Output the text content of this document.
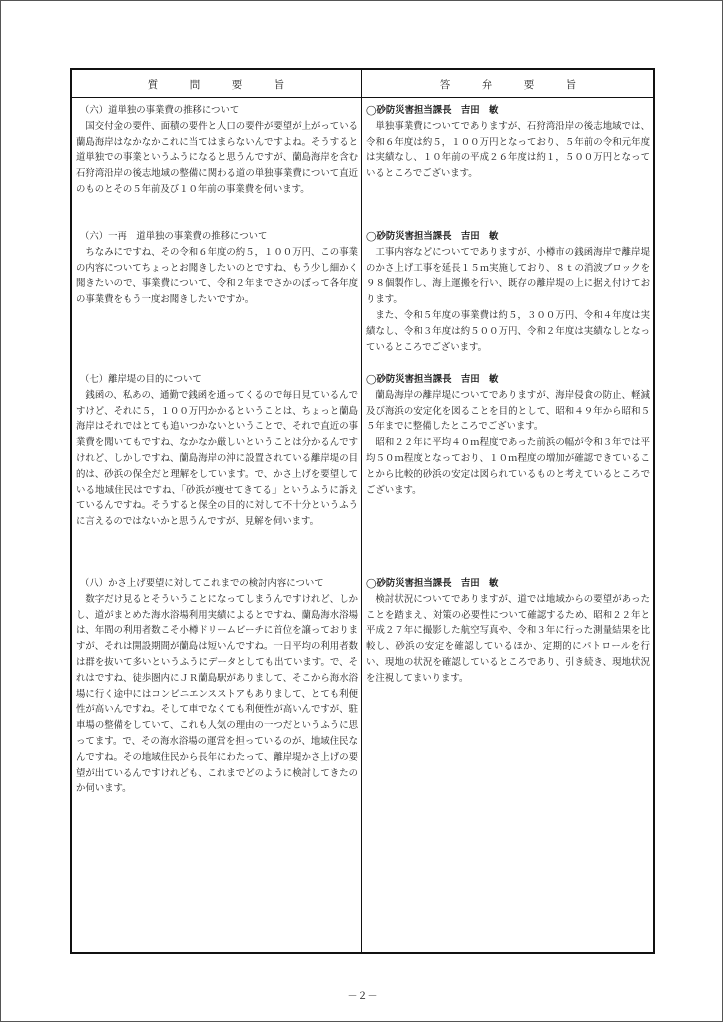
質　　　問　　　要　　　旨	答　　　弁　　　要　　　旨

（六）道単独の事業費の推移について

国交付金の要件、面積の要件と人口の要件が要望が上がっている蘭島海岸はなかなかこれに当てはまらないんですよね。そうすると道単独での事業というふうになると思うんですが、蘭島海岸を含む石狩湾沿岸の後志地域の整備に関わる道の単独事業費について直近のものとその５年前及び１０年前の事業費を伺います。

◯砂防災害担当課長　吉田　敏

単独事業費についてでありますが、石狩湾沿岸の後志地域では、令和６年度は約５，１００万円となっており、５年前の令和元年度は実績なし、１０年前の平成２６年度は約１，５００万円となっているところでございます。

（六）一再　道単独の事業費の推移について

ちなみにですね、その令和６年度の約５，１００万円、この事業の内容についてちょっとお聞きしたいのとですね、もう少し細かく聞きたいので、事業費について、令和２年までさかのぼって各年度の事業費をもう一度お聞きしたいですか。

◯砂防災害担当課長　吉田　敏

工事内容などについてでありますが、小樽市の銭函海岸で離岸堤のかさ上げ工事を延長１５ｍ実施しており、８ｔの消波ブロックを９８個製作し、海上運搬を行い、既存の離岸堤の上に据え付けております。

また、令和５年度の事業費は約５，３００万円、令和４年度は実績なし、令和３年度は約５００万円、令和２年度は実績なしとなっているところでございます。

（七）離岸堤の目的について

銭函の、私あの、通勤で銭函を通ってくるので毎日見ているんですけど、それに５，１００万円かかるということは、ちょっと蘭島海岸はそれではとても追いつかないということで、それで直近の事業費を聞いてもですね、なかなか厳しいということは分かるんですけれど、しかしですね、蘭島海岸の沖に設置されている離岸堤の目的は、砂浜の保全だと理解をしています。で、かさ上げを要望している地域住民はですね、「砂浜が痩せてきてる」というふうに訴えているんですね。そうすると保全の目的に対して不十分というふうに言えるのではないかと思うんですが、見解を伺います。

◯砂防災害担当課長　吉田　敏

蘭島海岸の離岸堤についてでありますが、海岸侵食の防止、軽減及び海浜の安定化を図ることを目的として、昭和４９年から昭和５５年までに整備したところでございます。

昭和２２年に平均４０ｍ程度であった前浜の幅が令和３年では平均５０ｍ程度となっており、１０ｍ程度の増加が確認できていることから比較的砂浜の安定は図られているものと考えているところでございます。

（八）かさ上げ要望に対してこれまでの検討内容について

数字だけ見るとそういうことになってしまうんですけれど、しかし、道がまとめた海水浴場利用実績によるとですね、蘭島海水浴場は、年間の利用者数こそ小樽ドリームビーチに首位を譲っておりますが、それは開設期間が蘭島は短いんですね。一日平均の利用者数は群を抜いて多いというふうにデータとしても出ています。で、それはですね、徒歩圏内にＪＲ蘭島駅がありまして、そこから海水浴場に行く途中にはコンビニエンスストアもありまして、とても利便性が高いんですね。そして車でなくても利便性が高いんですが、駐車場の整備をしていて、これも人気の理由の一つだというふうに思ってます。で、その海水浴場の運営を担っているのが、地域住民なんですね。その地域住民から長年にわたって、離岸堤かさ上げの要望が出ているんですけれども、これまでどのように検討してきたのか伺います。

◯砂防災害担当課長　吉田　敏

検討状況についてでありますが、道では地域からの要望があったことを踏まえ、対策の必要性について確認するため、昭和２２年と平成２７年に撮影した航空写真や、令和３年に行った測量結果を比較し、砂浜の安定を確認しているほか、定期的にパトロールを行い、現地の状況を確認しているところであり、引き続き、現地状況を注視してまいります。

－２－
